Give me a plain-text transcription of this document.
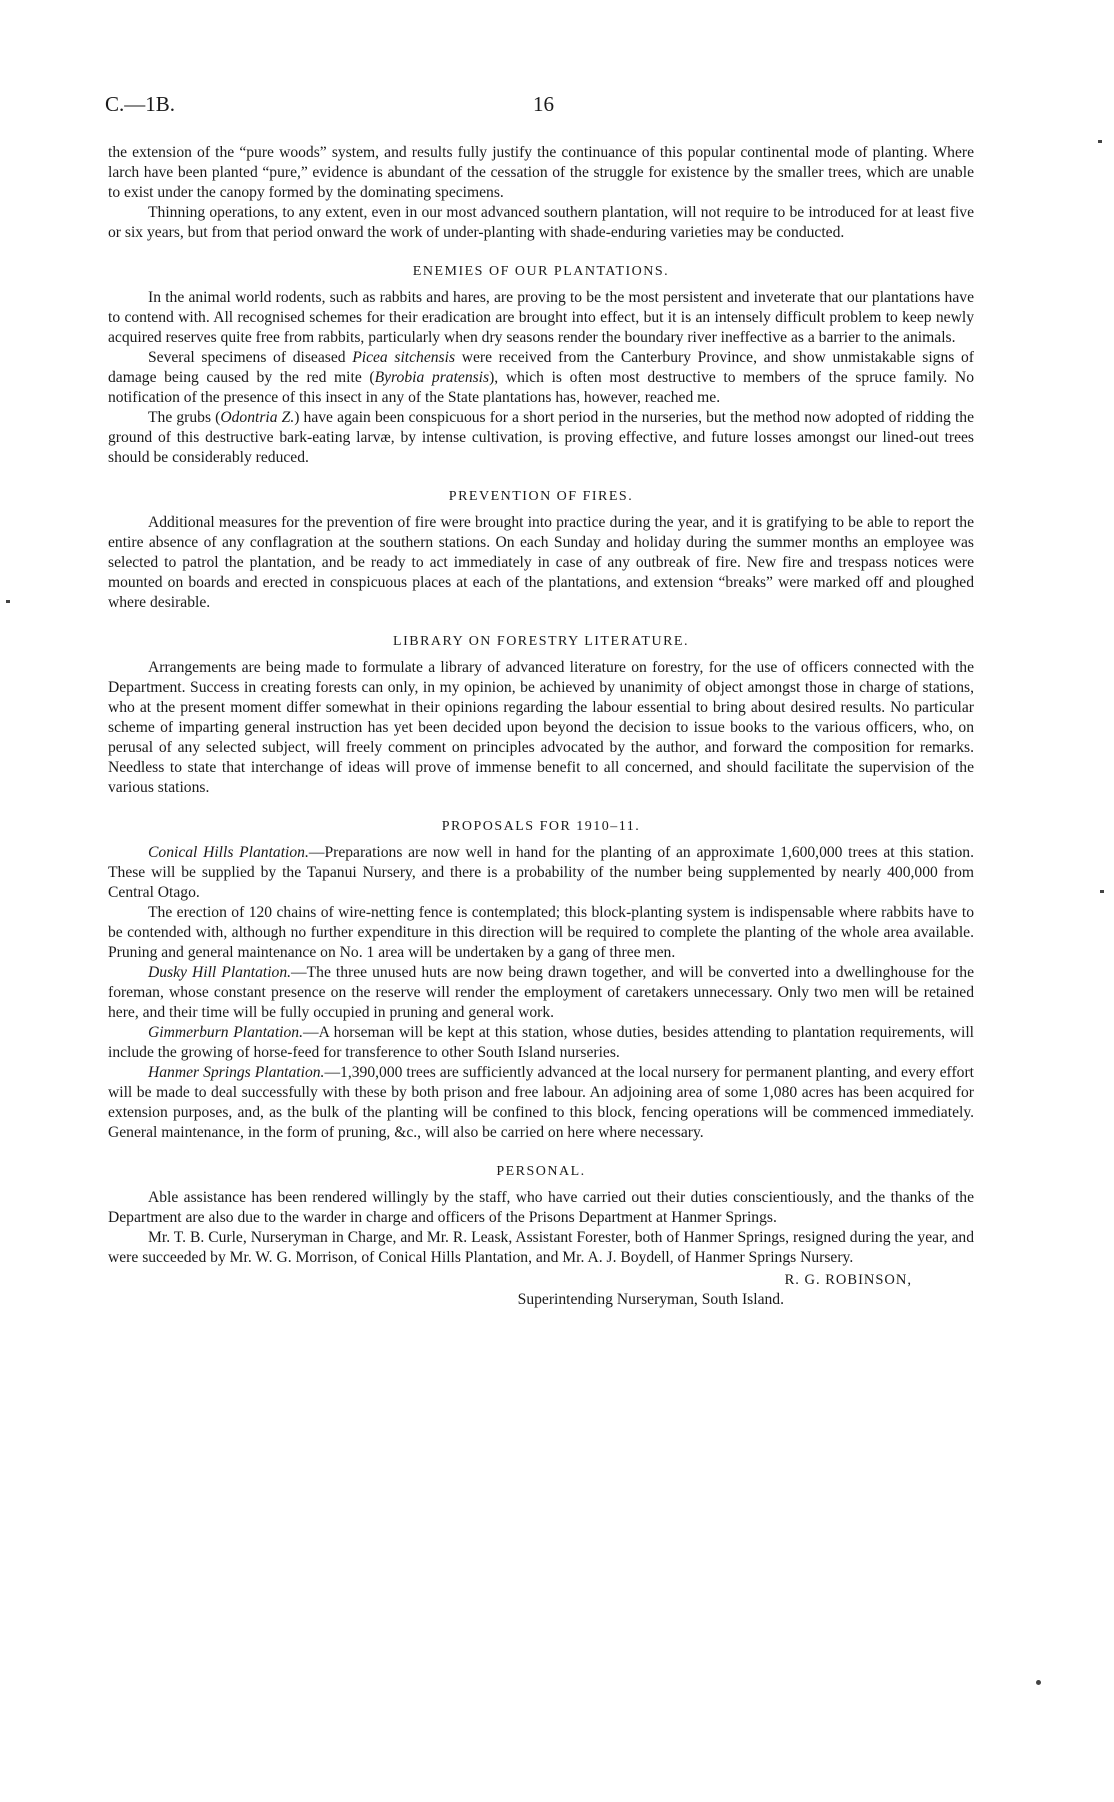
C.—1B.	16

the extension of the “pure woods” system, and results fully justify the continuance of this popular continental mode of planting. Where larch have been planted “pure,” evidence is abundant of the cessation of the struggle for existence by the smaller trees, which are unable to exist under the canopy formed by the dominating specimens.

Thinning operations, to any extent, even in our most advanced southern plantation, will not require to be introduced for at least five or six years, but from that period onward the work of under-planting with shade-enduring varieties may be conducted.

ENEMIES OF OUR PLANTATIONS.

In the animal world rodents, such as rabbits and hares, are proving to be the most persistent and inveterate that our plantations have to contend with. All recognised schemes for their eradication are brought into effect, but it is an intensely difficult problem to keep newly acquired reserves quite free from rabbits, particularly when dry seasons render the boundary river ineffective as a barrier to the animals.

Several specimens of diseased Picea sitchensis were received from the Canterbury Province, and show unmistakable signs of damage being caused by the red mite (Byrobia pratensis), which is often most destructive to members of the spruce family. No notification of the presence of this insect in any of the State plantations has, however, reached me.

The grubs (Odontria Z.) have again been conspicuous for a short period in the nurseries, but the method now adopted of ridding the ground of this destructive bark-eating larvæ, by intense cultivation, is proving effective, and future losses amongst our lined-out trees should be considerably reduced.

PREVENTION OF FIRES.

Additional measures for the prevention of fire were brought into practice during the year, and it is gratifying to be able to report the entire absence of any conflagration at the southern stations. On each Sunday and holiday during the summer months an employee was selected to patrol the plantation, and be ready to act immediately in case of any outbreak of fire. New fire and trespass notices were mounted on boards and erected in conspicuous places at each of the plantations, and extension “breaks” were marked off and ploughed where desirable.

LIBRARY ON FORESTRY LITERATURE.

Arrangements are being made to formulate a library of advanced literature on forestry, for the use of officers connected with the Department. Success in creating forests can only, in my opinion, be achieved by unanimity of object amongst those in charge of stations, who at the present moment differ somewhat in their opinions regarding the labour essential to bring about desired results. No particular scheme of imparting general instruction has yet been decided upon beyond the decision to issue books to the various officers, who, on perusal of any selected subject, will freely comment on principles advocated by the author, and forward the composition for remarks. Needless to state that interchange of ideas will prove of immense benefit to all concerned, and should facilitate the supervision of the various stations.

PROPOSALS FOR 1910–11.

Conical Hills Plantation.—Preparations are now well in hand for the planting of an approximate 1,600,000 trees at this station. These will be supplied by the Tapanui Nursery, and there is a probability of the number being supplemented by nearly 400,000 from Central Otago.

The erection of 120 chains of wire-netting fence is contemplated; this block-planting system is indispensable where rabbits have to be contended with, although no further expenditure in this direction will be required to complete the planting of the whole area available. Pruning and general maintenance on No. 1 area will be undertaken by a gang of three men.

Dusky Hill Plantation.—The three unused huts are now being drawn together, and will be converted into a dwellinghouse for the foreman, whose constant presence on the reserve will render the employment of caretakers unnecessary. Only two men will be retained here, and their time will be fully occupied in pruning and general work.

Gimmerburn Plantation.—A horseman will be kept at this station, whose duties, besides attending to plantation requirements, will include the growing of horse-feed for transference to other South Island nurseries.

Hanmer Springs Plantation.—1,390,000 trees are sufficiently advanced at the local nursery for permanent planting, and every effort will be made to deal successfully with these by both prison and free labour. An adjoining area of some 1,080 acres has been acquired for extension purposes, and, as the bulk of the planting will be confined to this block, fencing operations will be commenced immediately. General maintenance, in the form of pruning, &c., will also be carried on here where necessary.

PERSONAL.

Able assistance has been rendered willingly by the staff, who have carried out their duties conscientiously, and the thanks of the Department are also due to the warder in charge and officers of the Prisons Department at Hanmer Springs.

Mr. T. B. Curle, Nurseryman in Charge, and Mr. R. Leask, Assistant Forester, both of Hanmer Springs, resigned during the year, and were succeeded by Mr. W. G. Morrison, of Conical Hills Plantation, and Mr. A. J. Boydell, of Hanmer Springs Nursery.

R. G. ROBINSON,
Superintending Nurseryman, South Island.
